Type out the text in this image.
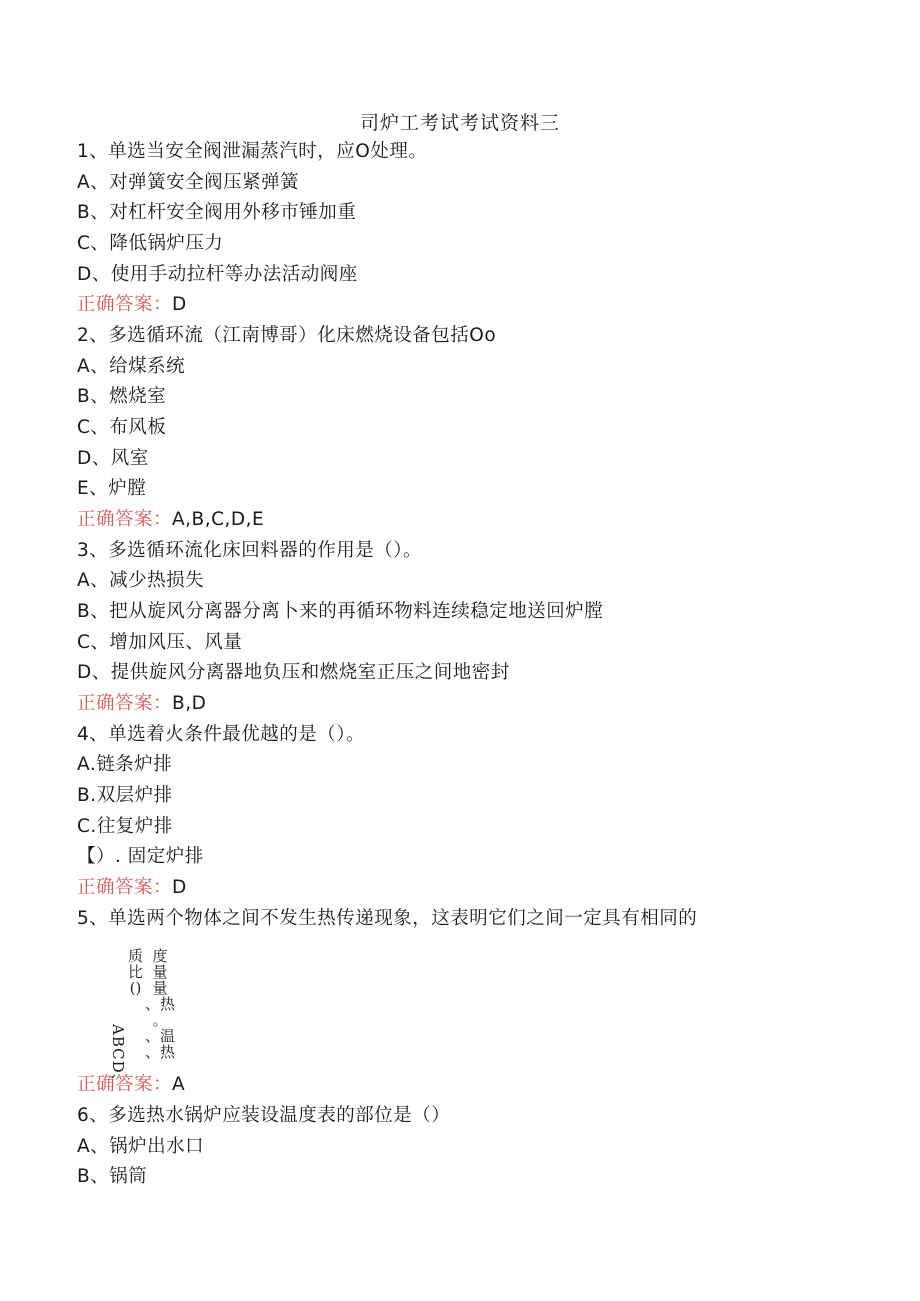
司炉工考试考试资料三
1、单选当安全阀泄漏蒸汽时，应O处理。
A、对弹簧安全阀压紧弹簧
B、对杠杆安全阀用外移市锤加重
C、降低锅炉压力
D、使用手动拉杆等办法活动阀座
正确答案：D
2、多选循环流（江南博哥）化床燃烧设备包括Oo
A、给煤系统
B、燃烧室
C、布风板
D、风室
E、炉膛
正确答案：A,B,C,D,E
3、多选循环流化床回料器的作用是（）。
A、减少热损失
B、把从旋风分离器分离卜来的再循环物料连续稳定地送回炉膛
C、增加风压、风量
D、提供旋风分离器地负压和燃烧室正压之间地密封
正确答案：B,D
4、单选着火条件最优越的是（）。
A.链条炉排
B.双层炉排
C.往复炉排
【）. 固定炉排
正确答案：D
5、单选两个物体之间不发生热传递现象，这表明它们之间一定具有相同的
质
比
()
度
量
量
、热
。
、温
、热
ABCD、
正确答案：A
6、多选热水锅炉应装设温度表的部位是（）
A、锅炉出水口
B、锅筒
